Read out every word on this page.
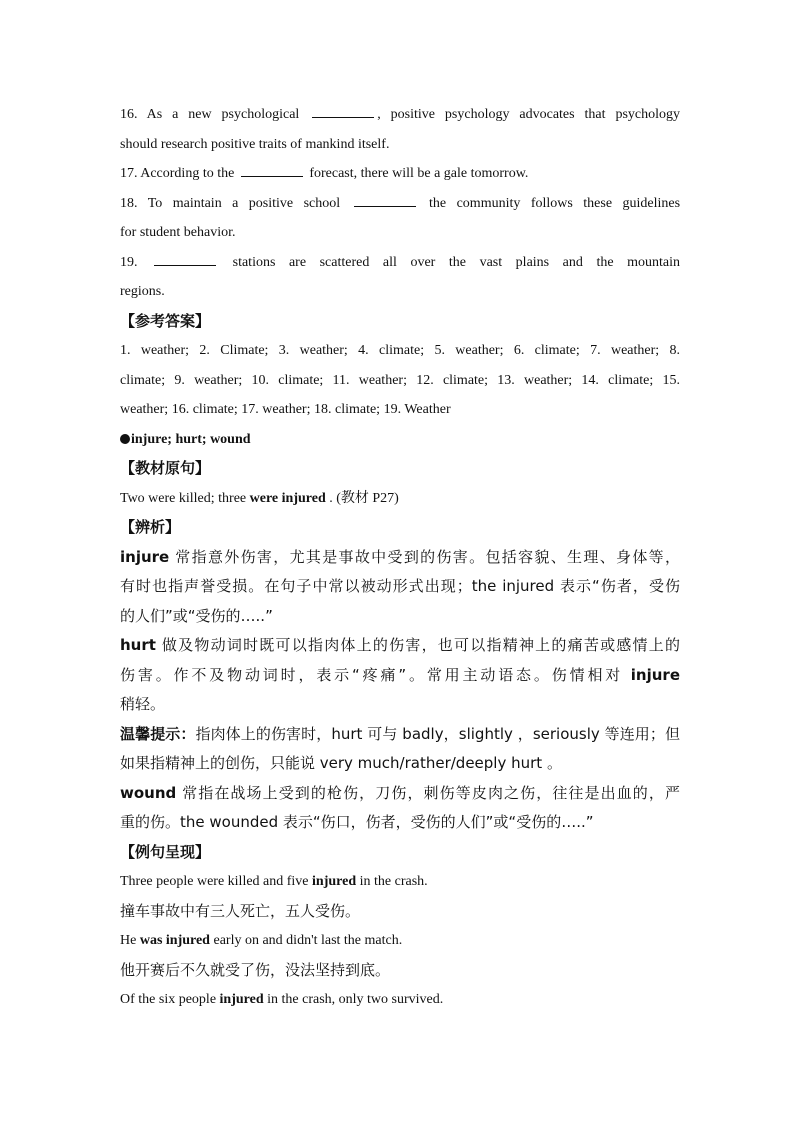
16. As a new psychological	, positive psychology advocates that psychology
should research positive traits of mankind itself.
17. According to the	forecast, there will be a gale tomorrow.
18. To maintain a positive school	the community follows these guidelines
for student behavior.
19.	stations are scattered all over the vast plains and the mountain
regions.
【参考答案】
1. weather; 2. Climate; 3. weather; 4. climate; 5. weather; 6. climate; 7. weather; 8.
climate; 9. weather; 10. climate; 11. weather; 12. climate; 13. weather; 14. climate; 15.
weather; 16. climate; 17. weather; 18. climate; 19. Weather
injure; hurt; wound
【教材原句】
Two were killed; three were injured . (教材 P27)
【辨析】
injure 常指意外伤害，尤其是事故中受到的伤害。包括容貌、生理、身体等，
有时也指声誉受损。在句子中常以被动形式出现；the injured 表示“伤者，受伤
的人们”或“受伤的…..”
hurt 做及物动词时既可以指肉体上的伤害，也可以指精神上的痛苦或感情上的
伤害。作不及物动词时，表示“疼痛”。常用主动语态。伤情相对 injure
稍轻。
温馨提示：指肉体上的伤害时，hurt 可与 badly，slightly ，seriously 等连用；但
如果指精神上的创伤，只能说 very much/rather/deeply hurt 。
wound 常指在战场上受到的枪伤，刀伤，刺伤等皮肉之伤，往往是出血的，严
重的伤。the wounded 表示“伤口，伤者，受伤的人们”或“受伤的…..”
【例句呈现】
Three people were killed and five injured in the crash.
撞车事故中有三人死亡，五人受伤。
He was injured early on and didn't last the match.
他开赛后不久就受了伤，没法坚持到底。
Of the six people injured in the crash, only two survived.
